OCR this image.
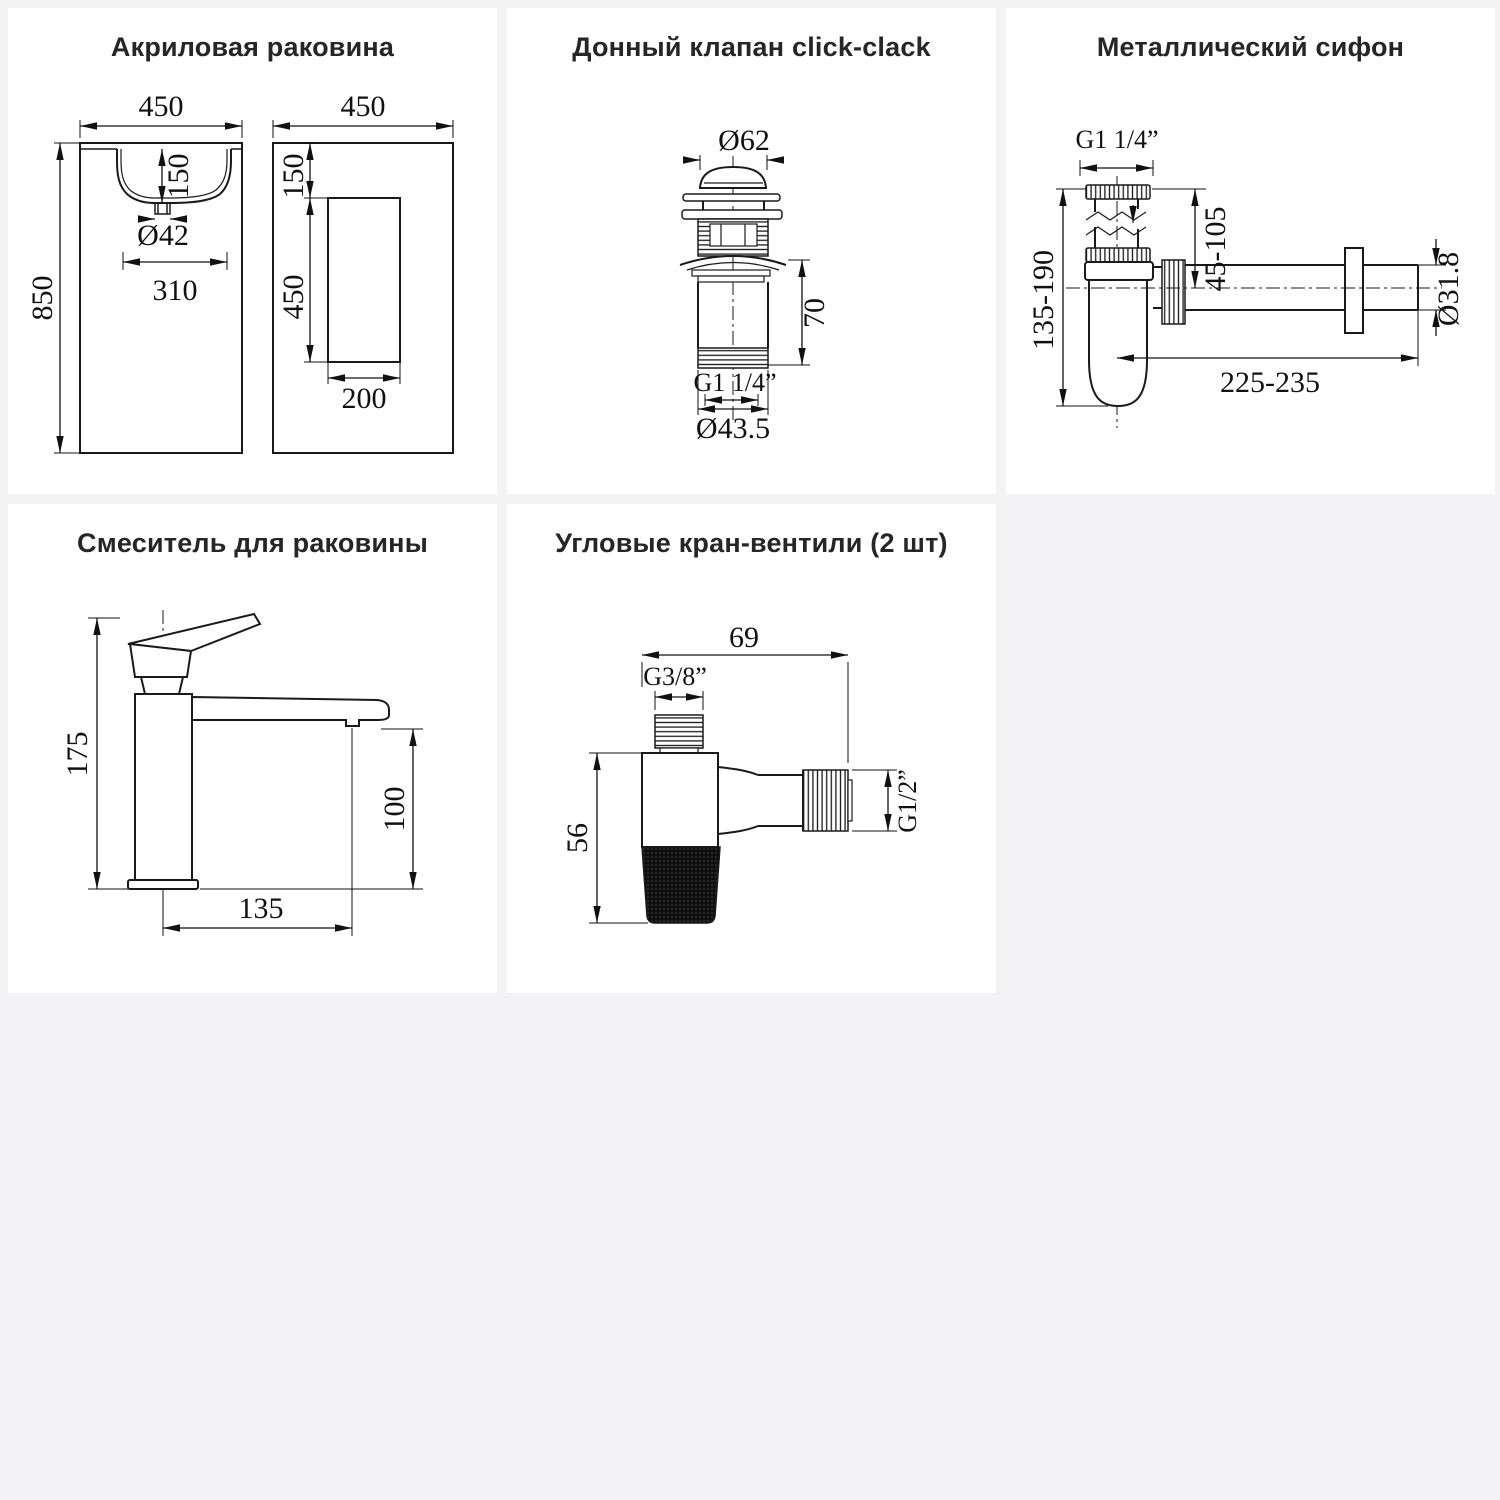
Акриловая раковина
450
850
150
Ø42
310
450
150
450
200
Донный клапан click-clack
70
Ø62
G1 1/4”
Ø43.5
Металлический сифон
G1 1/4”
45-105
135-190	Ø31.8
225-235
Смеситель для раковины
175
100
135
Угловые кран-вентили (2 шт)
69
G3/8”
56
G1/2”
